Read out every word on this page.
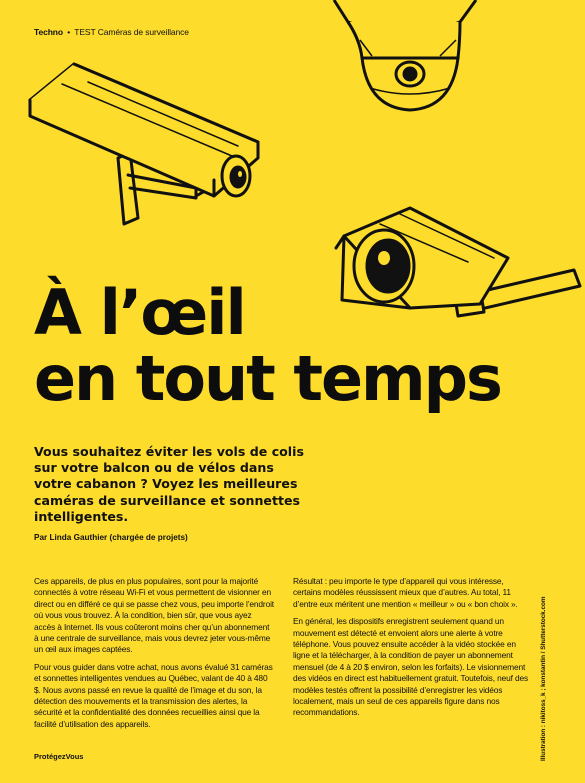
Techno • TEST Caméras de surveillance
À l’œil
en tout temps

Vous souhaitez éviter les vols de colis sur votre balcon ou de vélos dans votre cabanon ? Voyez les meilleures caméras de surveillance et sonnettes intelligentes.

Par Linda Gauthier (chargée de projets)

Ces appareils, de plus en plus populaires, sont pour la majorité connectés à votre réseau Wi-Fi et vous permettent de visionner en direct ou en différé ce qui se passe chez vous, peu importe l’endroit où vous vous trouvez. À la condition, bien sûr, que vous ayez accès à Internet. Ils vous coûteront moins cher qu’un abonnement à une centrale de surveillance, mais vous devrez jeter vous-même un œil aux images captées.

Pour vous guider dans votre achat, nous avons évalué 31 caméras et sonnettes intelligentes vendues au Québec, valant de 40 à 480 $. Nous avons passé en revue la qualité de l’image et du son, la détection des mouvements et la transmission des alertes, la sécurité et la confidentialité des données recueillies ainsi que la facilité d’utilisation des appareils.

Résultat : peu importe le type d’appareil qui vous intéresse, certains modèles réussissent mieux que d’autres. Au total, 11 d’entre eux méritent une mention « meilleur » ou « bon choix ».

En général, les dispositifs enregistrent seulement quand un mouvement est détecté et envoient alors une alerte à votre téléphone. Vous pouvez ensuite accéder à la vidéo stockée en ligne et la télécharger, à la condition de payer un abonnement mensuel (de 4 à 20 $ environ, selon les forfaits). Le visionnement des vidéos en direct est habituellement gratuit. Toutefois, neuf des modèles testés offrent la possibilité d’enregistrer les vidéos localement, mais un seul de ces appareils figure dans nos recommandations.	Illustration : nikitoss_k ; konstantin / Shutterstock.com
ProtégezVous
